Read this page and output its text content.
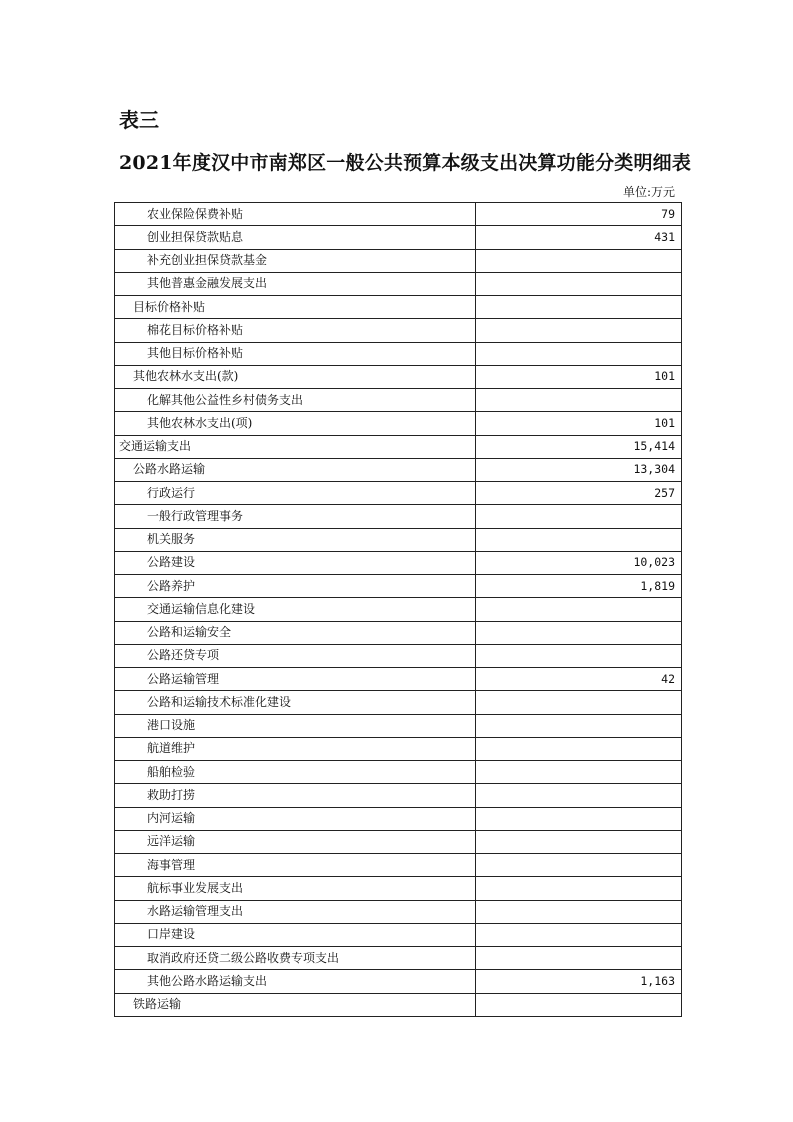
表三
2021年度汉中市南郑区一般公共预算本级支出决算功能分类明细表
单位:万元
农业保险保费补贴	79
创业担保贷款贴息	431
补充创业担保贷款基金	
其他普惠金融发展支出	
目标价格补贴	
棉花目标价格补贴	
其他目标价格补贴	
其他农林水支出(款)	101
化解其他公益性乡村债务支出	
其他农林水支出(项)	101
交通运输支出	15,414
公路水路运输	13,304
行政运行	257
一般行政管理事务	
机关服务	
公路建设	10,023
公路养护	1,819
交通运输信息化建设	
公路和运输安全	
公路还贷专项	
公路运输管理	42
公路和运输技术标准化建设	
港口设施	
航道维护	
船舶检验	
救助打捞	
内河运输	
远洋运输	
海事管理	
航标事业发展支出	
水路运输管理支出	
口岸建设	
取消政府还贷二级公路收费专项支出	
其他公路水路运输支出	1,163
铁路运输	
